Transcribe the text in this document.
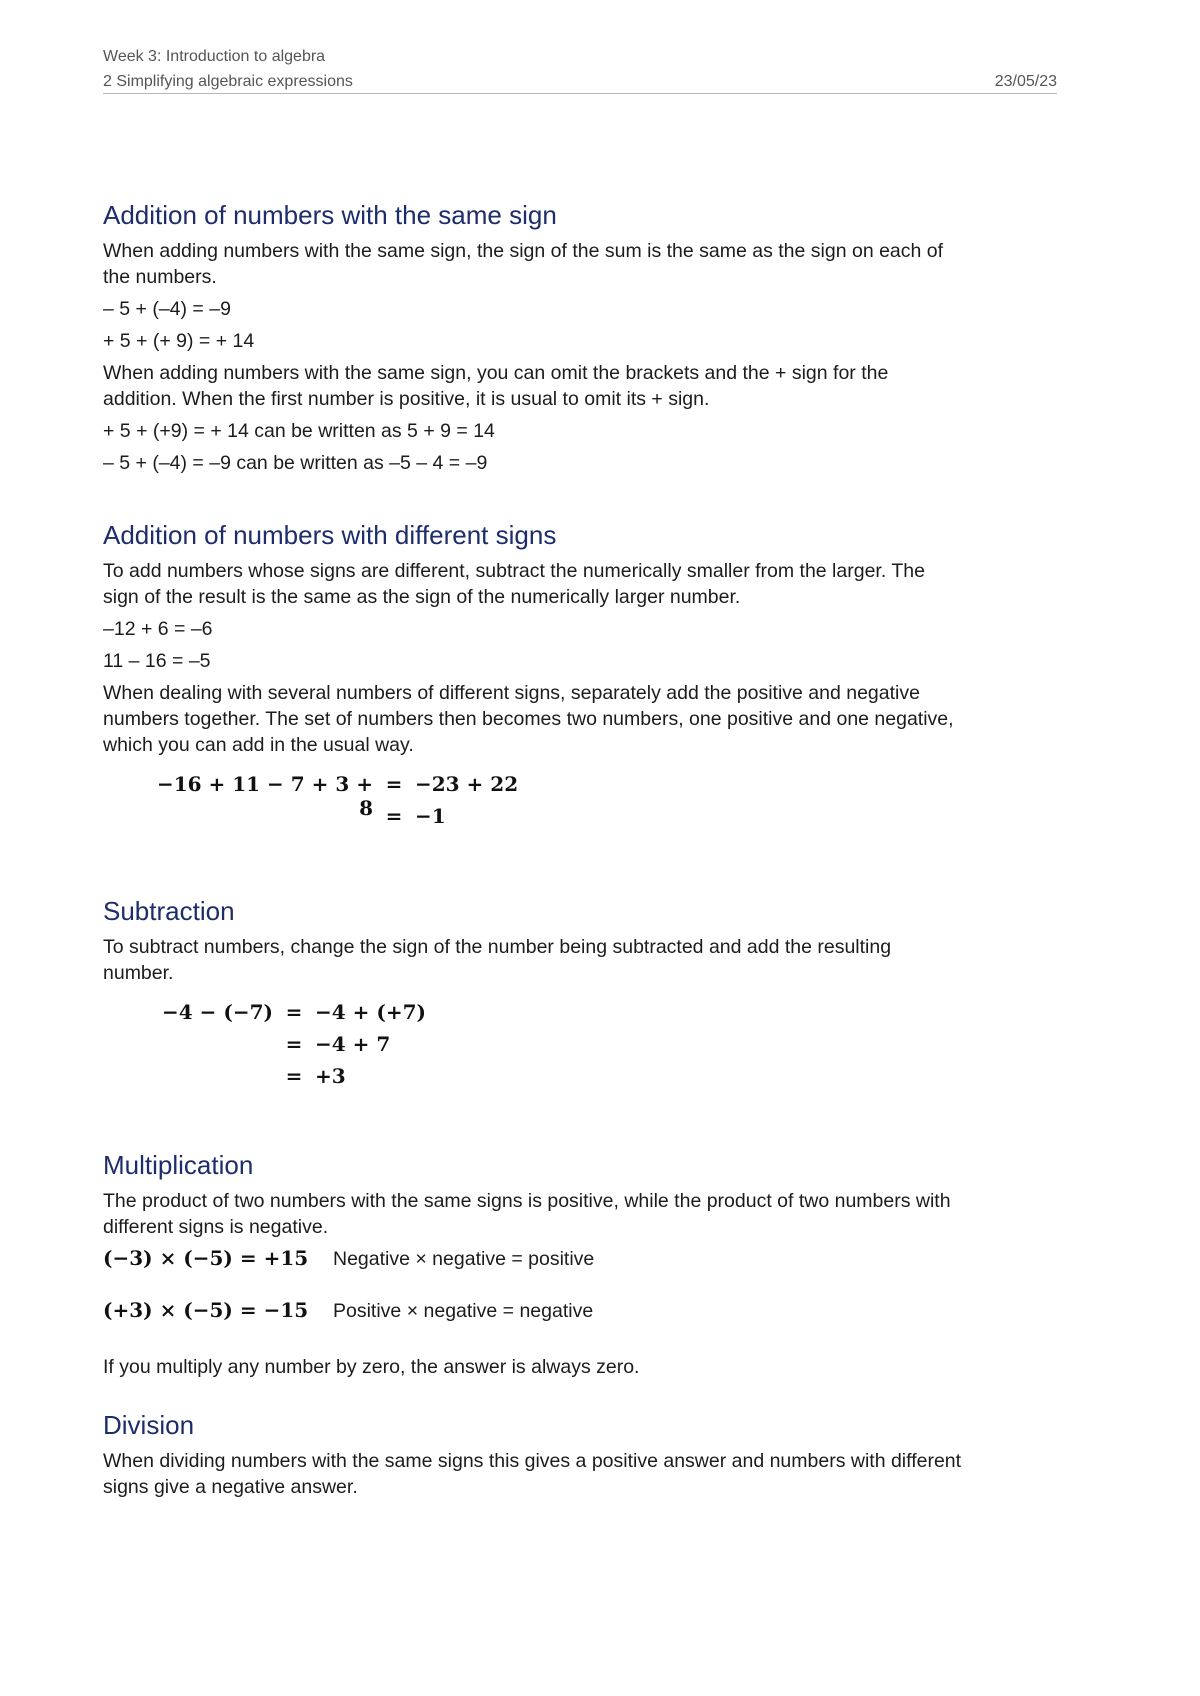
Week 3: Introduction to algebra
2 Simplifying algebraic expressions	23/05/23
Addition of numbers with the same sign

When adding numbers with the same sign, the sign of the sum is the same as the sign on each of the numbers.

– 5 + (–4) = –9

+ 5 + (+ 9) = + 14

When adding numbers with the same sign, you can omit the brackets and the + sign for the addition. When the first number is positive, it is usual to omit its + sign.

+ 5 + (+9) = + 14 can be written as 5 + 9 = 14

– 5 + (–4) = –9 can be written as –5 – 4 = –9

Addition of numbers with different signs

To add numbers whose signs are different, subtract the numerically smaller from the larger. The sign of the result is the same as the sign of the numerically larger number.

–12 + 6 = –6

11 – 16 = –5

When dealing with several numbers of different signs, separately add the positive and negative numbers together. The set of numbers then becomes two numbers, one positive and one negative, which you can add in the usual way.

−16 + 11 − 7 + 3 + 8
= −23 + 22
= −1
Subtraction

To subtract numbers, change the sign of the number being subtracted and add the resulting number.

−4 − (−7) = −4 + (+7)
= −4 + 7
= +3
Multiplication

The product of two numbers with the same signs is positive, while the product of two numbers with different signs is negative.

(−3) × (−5) = +15	Negative × negative = positive
(+3) × (−5) = −15	Positive × negative = negative

If you multiply any number by zero, the answer is always zero.

Division

When dividing numbers with the same signs this gives a positive answer and numbers with different signs give a negative answer.
